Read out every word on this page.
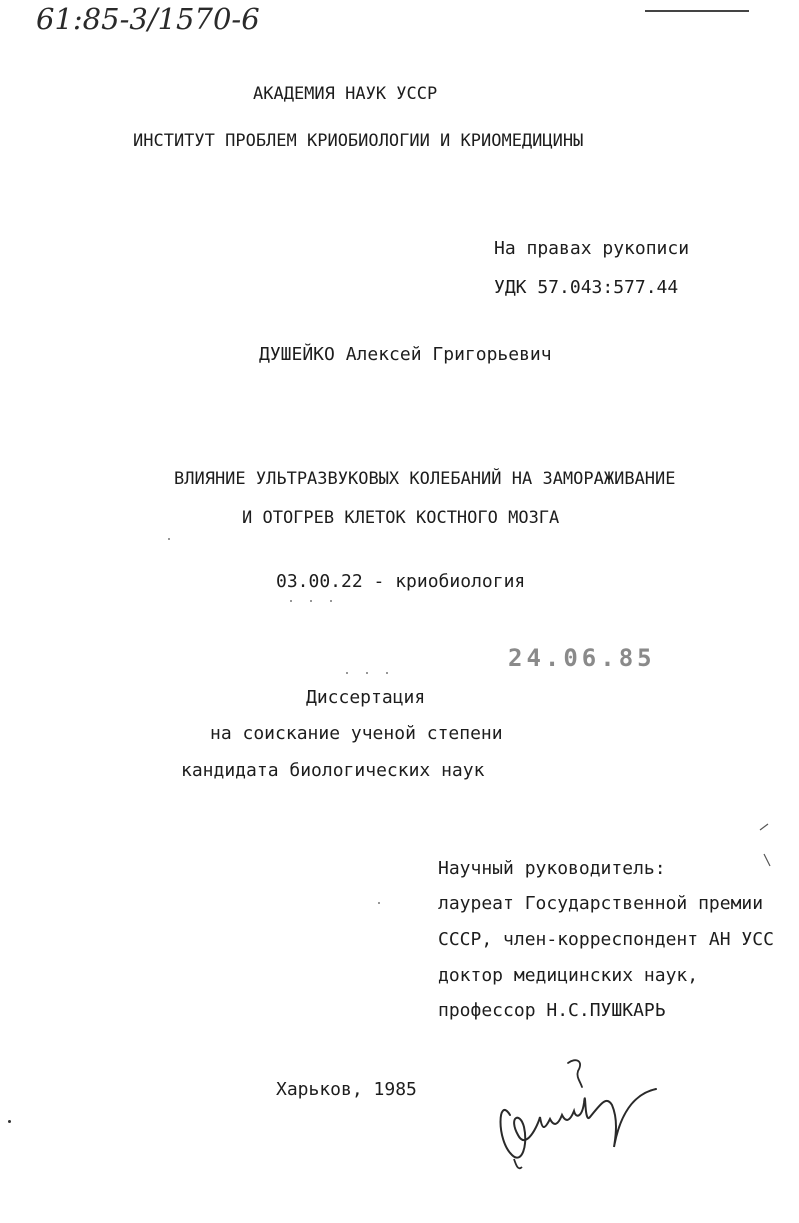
61:85-3/1570-6
АКАДЕМИЯ НАУК УССР
ИНСТИТУТ ПРОБЛЕМ КРИОБИОЛОГИИ И КРИОМЕДИЦИНЫ
На правах рукописи
УДК 57.043:577.44
ДУШЕЙКО Алексей Григорьевич
ВЛИЯНИЕ УЛЬТРАЗВУКОВЫХ КОЛЕБАНИЙ НА ЗАМОРАЖИВАНИЕ
И ОТОГРЕВ КЛЕТОК КОСТНОГО МОЗГА
03.00.22 - криобиология
24.06.85
Диссертация
на соискание ученой степени
кандидата биологических наук
Научный руководитель:
лауреат Государственной премии
СССР, член-корреспондент АН УСС
доктор медицинских наук,
профессор Н.С.ПУШКАРЬ
Харьков, 1985
